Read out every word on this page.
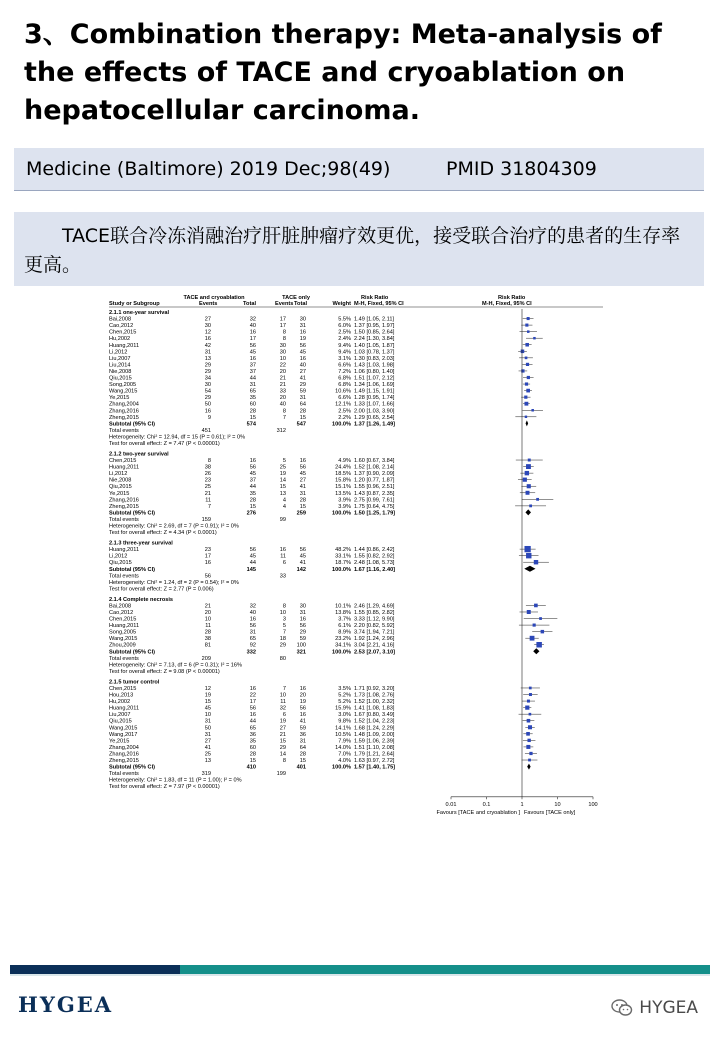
3、Combination therapy: Meta-analysis of the effects of TACE and cryoablation on hepatocellular carcinoma.
Medicine (Baltimore) 2019 Dec;98(49)	PMID 31804309

TACE联合冷冻消融治疗肝脏肿瘤疗效更优，接受联合治疗的患者的生存率更高。

TACE and cryoablation	TACE only	Risk Ratio	Risk Ratio
Study or Subgroup	Events	Total	Events Total	Weight M-H, Fixed, 95% CI	M-H, Fixed, 95% CI
2.1.1 one-year survival
Bai,2008	27	32	17 30	5.5% 1.49 [1.05, 2.11]
Cao,2012	30	40	17 31	6.0% 1.37 [0.95, 1.97]
Chen,2015	12	16	8 16	2.5% 1.50 [0.85, 2.64]
Hu,2002	16	17	8 19	2.4% 2.24 [1.30, 3.84]
Huang,2011	42	56	30 56	9.4% 1.40 [1.05, 1.87]
Li,2012	31	45	30 45	9.4% 1.03 [0.78, 1.37]
Liu,2007	13	16	10 16	3.1% 1.30 [0.83, 2.03]
Liu,2014	29	37	22 40	6.6% 1.43 [1.03, 1.98]
Nie,2008	29	37	20 27	7.2% 1.06 [0.80, 1.40]
Qiu,2015	34	44	21 41	6.8% 1.51 [1.07, 2.12]
Song,2005	30	31	21 29	6.8% 1.34 [1.06, 1.69]
Wang,2015	54	65	33 59	10.6% 1.49 [1.15, 1.91]
Ye,2015	29	35	20 31	6.6% 1.28 [0.95, 1.74]
Zhang,2004	50	60	40 64	12.1% 1.33 [1.07, 1.66]
Zhang,2016	16	28	8 28	2.5% 2.00 [1.03, 3.90]
Zheng,2015	9	15	7 15	2.2% 1.29 [0.65, 2.54]
Subtotal (95% CI)	574	547	100.0% 1.37 [1.26, 1.49]
Total events	451	312
Heterogeneity: Chi² = 12.94, df = 15 (P = 0.61); I² = 0%
Test for overall effect: Z = 7.47 (P < 0.00001)
2.1.2 two-year survival
Chen,2015	8	16	5 16	4.9% 1.60 [0.67, 3.84]
Huang,2011	38	56	25 56	24.4% 1.52 [1.08, 2.14]
Li,2012	26	45	19 45	18.5% 1.37 [0.90, 2.09]
Nie,2008	23	37	14 27	15.8% 1.20 [0.77, 1.87]
Qiu,2015	25	44	15 41	15.1% 1.55 [0.96, 2.51]
Ye,2015	21	35	13 31	13.5% 1.43 [0.87, 2.35]
Zhang,2016	11	28	4 28	3.9% 2.75 [0.99, 7.61]
Zheng,2015	7	15	4 15	3.9% 1.75 [0.64, 4.75]
Subtotal (95% CI)	276	259	100.0% 1.50 [1.25, 1.79]
Total events	159	99
Heterogeneity: Chi² = 2.69, df = 7 (P = 0.91); I² = 0%
Test for overall effect: Z = 4.34 (P < 0.0001)
2.1.3 three-year survival
Huang,2011	23	56	16 56	48.2% 1.44 [0.86, 2.42]
Li,2012	17	45	11 45	33.1% 1.55 [0.82, 2.92]
Qiu,2015	16	44	6 41	18.7% 2.48 [1.08, 5.73]
Subtotal (95% CI)	145	142	100.0% 1.67 [1.16, 2.40]
Total events	56	33
Heterogeneity: Chi² = 1.24, df = 2 (P = 0.54); I² = 0%
Test for overall effect: Z = 2.77 (P = 0.006)
2.1.4 Complete necrosis
Bai,2008	21	32	8 30	10.1% 2.46 [1.29, 4.69]
Cao,2012	20	40	10 31	13.8% 1.55 [0.85, 2.82]
Chen,2015	10	16	3 16	3.7% 3.33 [1.12, 9.90]
Huang,2011	11	56	5 56	6.1% 2.20 [0.82, 5.92]
Song,2005	28	31	7 29	8.9% 3.74 [1.94, 7.21]
Wang,2015	38	65	18 59	23.2% 1.92 [1.24, 2.96]
Zhou,2009	81	92	29 100	34.1% 3.04 [2.21, 4.16]
Subtotal (95% CI)	332	321	100.0% 2.53 [2.07, 3.10]
Total events	209	80
Heterogeneity: Chi² = 7.13, df = 6 (P = 0.31); I² = 16%
Test for overall effect: Z = 9.08 (P < 0.00001)
2.1.5 tumor control
Chen,2015	12	16	7 16	3.5% 1.71 [0.92, 3.20]
Hou,2013	19	22	10 20	5.2% 1.73 [1.08, 2.76]
Hu,2002	15	17	11 19	5.2% 1.52 [1.00, 2.32]
Huang,2011	45	56	32 56	15.9% 1.41 [1.08, 1.83]
Liu,2007	10	16	6 16	3.0% 1.67 [0.80, 3.49]
Qiu,2015	31	44	19 41	9.8% 1.52 [1.04, 2.23]
Wang,2015	50	65	27 59	14.1% 1.68 [1.24, 2.29]
Wang,2017	31	36	21 36	10.5% 1.48 [1.09, 2.00]
Ye,2015	27	35	15 31	7.9% 1.59 [1.06, 2.39]
Zhang,2004	41	60	29 64	14.0% 1.51 [1.10, 2.08]
Zhang,2016	25	28	14 28	7.0% 1.79 [1.21, 2.64]
Zheng,2015	13	15	8 15	4.0% 1.63 [0.97, 2.72]
Subtotal (95% CI)	410	401	100.0% 1.57 [1.40, 1.75]
Total events	319	199
Heterogeneity: Chi² = 1.83, df = 11 (P = 1.00); I² = 0%
Test for overall effect: Z = 7.97 (P < 0.00001)
0.01	0.1	1	10	100
Favours [TACE and cryoablation ] Favours [TACE only]
HYGEA	HYGEA
